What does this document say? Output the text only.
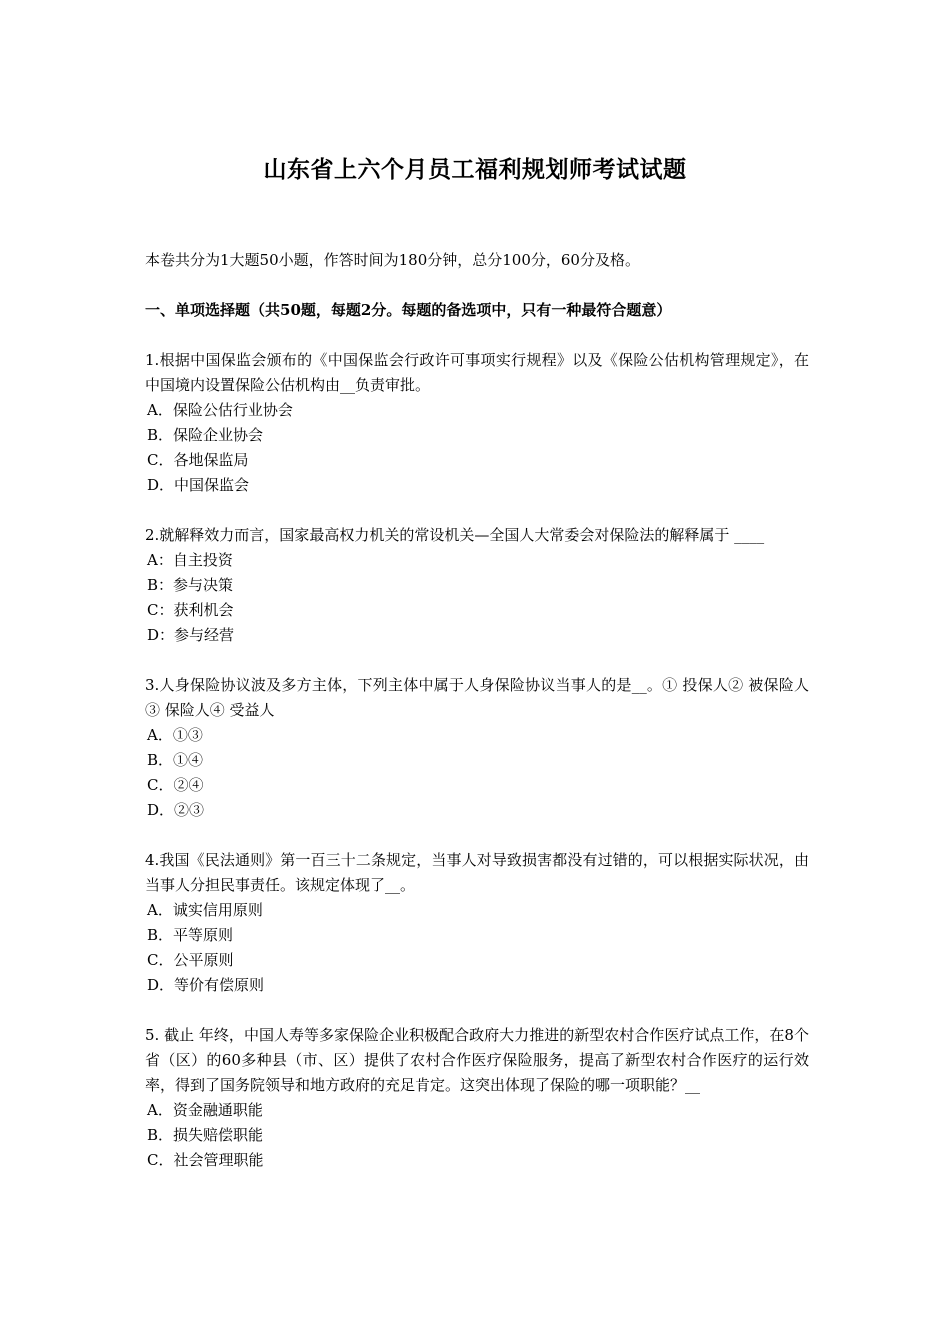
山东省上六个月员工福利规划师考试试题

本卷共分为1大题50小题，作答时间为180分钟，总分100分，60分及格。

一、单项选择题（共50题，每题2分。每题的备选项中，只有一种最符合题意）

1.根据中国保监会颁布的《中国保监会行政许可事项实行规程》以及《保险公估机构管理规定》，在中国境内设置保险公估机构由__负责审批。

A．保险公估行业协会

B．保险企业协会

C．各地保监局

D．中国保监会

2.就解释效力而言，国家最高权力机关的常设机关—全国人大常委会对保险法的解释属于 ____

A：自主投资

B：参与决策

C：获利机会

D：参与经营

3.人身保险协议波及多方主体，下列主体中属于人身保险协议当事人的是__。① 投保人② 被保险人③ 保险人④ 受益人

A．①③

B．①④

C．②④

D．②③

4.我国《民法通则》第一百三十二条规定，当事人对导致损害都没有过错的，可以根据实际状况，由当事人分担民事责任。该规定体现了__。

A．诚实信用原则

B．平等原则

C．公平原则

D．等价有偿原则

5. 截止 年终，中国人寿等多家保险企业积极配合政府大力推进的新型农村合作医疗试点工作，在8个省（区）的60多种县（市、区）提供了农村合作医疗保险服务，提高了新型农村合作医疗的运行效率，得到了国务院领导和地方政府的充足肯定。这突出体现了保险的哪一项职能？__

A．资金融通职能

B．损失赔偿职能

C．社会管理职能
